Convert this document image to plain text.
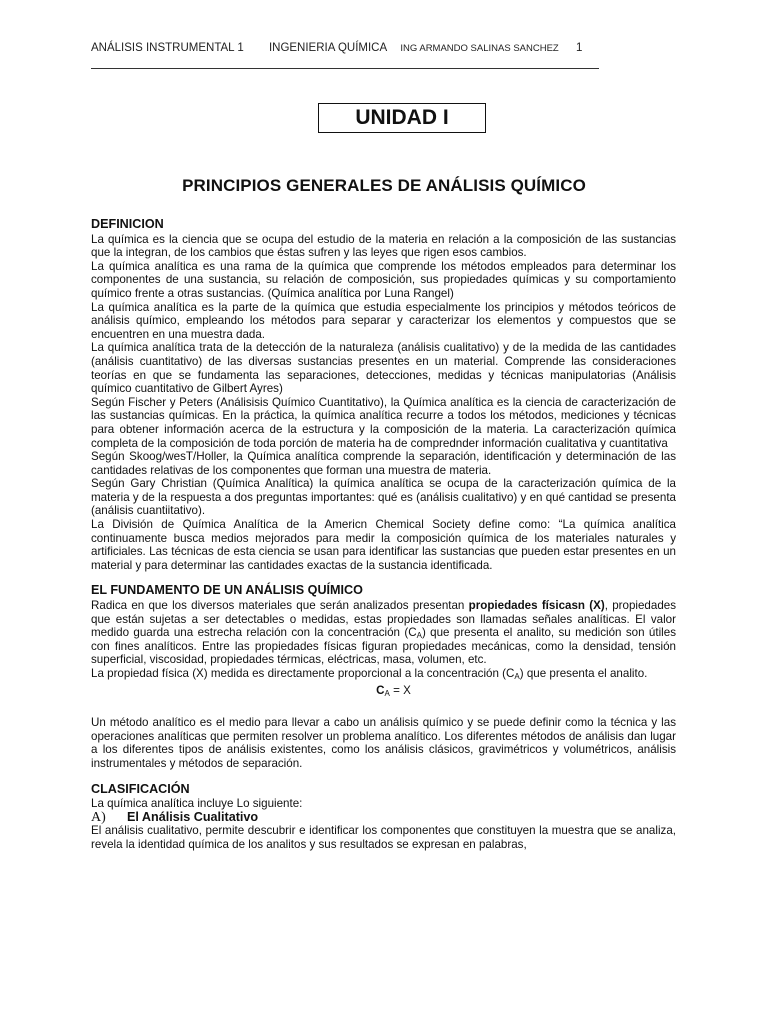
ANÁLISIS INSTRUMENTAL 1 INGENIERIA QUÍMICA ING ARMANDO SALINAS SANCHEZ 1
UNIDAD I
PRINCIPIOS GENERALES DE ANÁLISIS QUÍMICO
DEFINICION

La química es la ciencia que se ocupa del estudio de la materia en relación a la composición de las sustancias que la integran, de los cambios que éstas sufren y las leyes que rigen esos cambios.

La química analítica es una rama de la química que comprende los métodos empleados para determinar los componentes de una sustancia, su relación de composición, sus propiedades químicas y su comportamiento químico frente a otras sustancias. (Química analítica por Luna Rangel)

La química analítica es la parte de la química que estudia especialmente los principios y métodos teóricos de análisis químico, empleando los métodos para separar y caracterizar los elementos y compuestos que se encuentren en una muestra dada.

La química analítica trata de la detección de la naturaleza (análisis cualitativo) y de la medida de las cantidades (análisis cuantitativo) de las diversas sustancias presentes en un material. Comprende las consideraciones teorías en que se fundamenta las separaciones, detecciones, medidas y técnicas manipulatorias (Análisis químico cuantitativo de Gilbert Ayres)

Según Fischer y Peters (Análisisis Químico Cuantitativo), la Química analítica es la ciencia de caracterización de las sustancias químicas. En la práctica, la química analítica recurre a todos los métodos, mediciones y técnicas para obtener información acerca de la estructura y la composición de la materia. La caracterización química completa de la composición de toda porción de materia ha de comprednder información cualitativa y cuantitativa

Según Skoog/wesT/Holler, la Química analítica comprende la separación, identificación y determinación de las cantidades relativas de los componentes que forman una muestra de materia.

Según Gary Christian (Química Analítica) la química analítica se ocupa de la caracterización química de la materia y de la respuesta a dos preguntas importantes: qué es (análisis cualitativo) y en qué cantidad se presenta (análisis cuantiitativo).

La División de Química Analítica de la Americn Chemical Society define como: “La química analítica continuamente busca medios mejorados para medir la composición química de los materiales naturales y artificiales. Las técnicas de esta ciencia se usan para identificar las sustancias que pueden estar presentes en un material y para determinar las cantidades exactas de la sustancia identificada.

EL FUNDAMENTO DE UN ANÁLISIS QUÍMICO

Radica en que los diversos materiales que serán analizados presentan propiedades físicasn (X), propiedades que están sujetas a ser detectables o medidas, estas propiedades son llamadas señales analíticas. El valor medido guarda una estrecha relación con la concentración $(C_A)$ que presenta el analito, su medición son útiles con fines analíticos. Entre las propiedades físicas figuran propiedades mecánicas, como la densidad, tensión superficial, viscosidad, propiedades térmicas, eléctricas, masa, volumen, etc.

La propiedad física (X) medida es directamente proporcional a la concentración $(C_A)$ que presenta el analito.

$C_A = X$

Un método analítico es el medio para llevar a cabo un análisis químico y se puede definir como la técnica y las operaciones analíticas que permiten resolver un problema analítico. Los diferentes métodos de análisis dan lugar a los diferentes tipos de análisis existentes, como los análisis clásicos, gravimétricos y volumétricos, análisis instrumentales y métodos de separación.

CLASIFICACIÓN

La química analítica incluye Lo siguiente:

A)	El Análisis Cualitativo

El análisis cualitativo, permite descubrir e identificar los componentes que constituyen la muestra que se analiza, revela la identidad química de los analitos y sus resultados se expresan en palabras,
